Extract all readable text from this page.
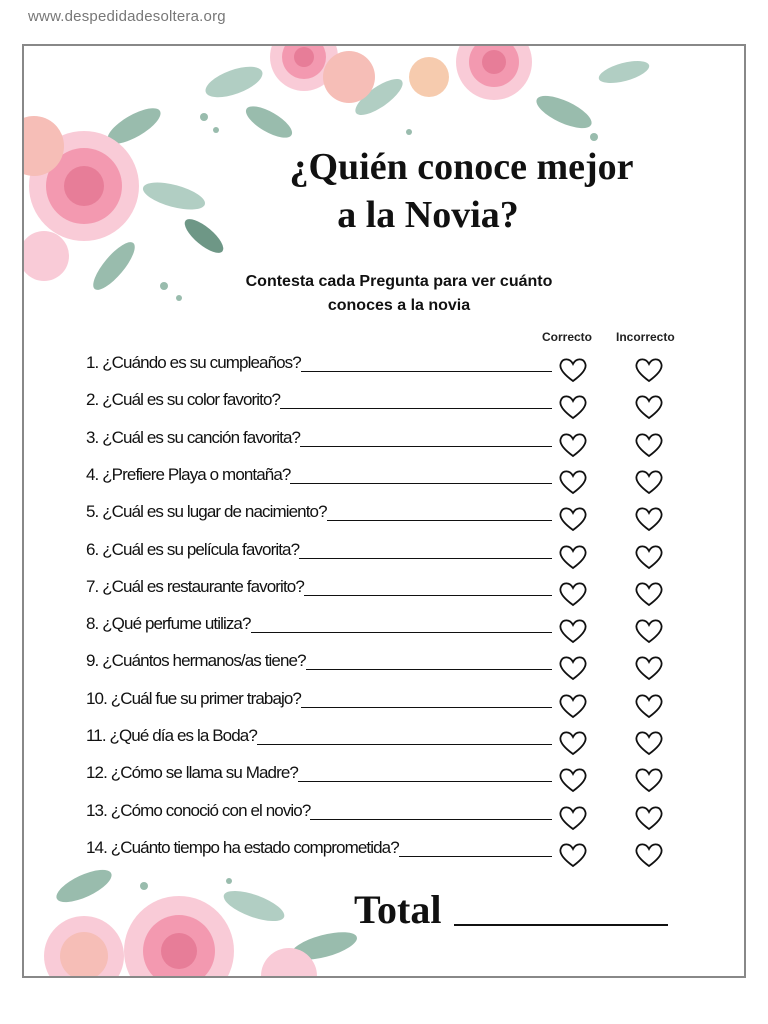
www.despedidadesoltera.org
¿Quién conoce mejor
a la Novia?
Contesta cada Pregunta para ver cuánto
conoces a la novia
Correcto Incorrecto
1. ¿Cuándo es su cumpleaños?
2. ¿Cuál es su color favorito?
3. ¿Cuál es su canción favorita?
4. ¿Prefiere Playa o montaña?
5. ¿Cuál es su lugar de nacimiento?
6. ¿Cuál es su película favorita?
7. ¿Cuál es restaurante favorito?
8. ¿Qué perfume utiliza?
9. ¿Cuántos hermanos/as tiene?
10. ¿Cuál fue su primer trabajo?
11. ¿Qué día es la Boda?
12. ¿Cómo se llama su Madre?
13. ¿Cómo conoció con el novio?
14. ¿Cuánto tiempo ha estado comprometida?
Total
